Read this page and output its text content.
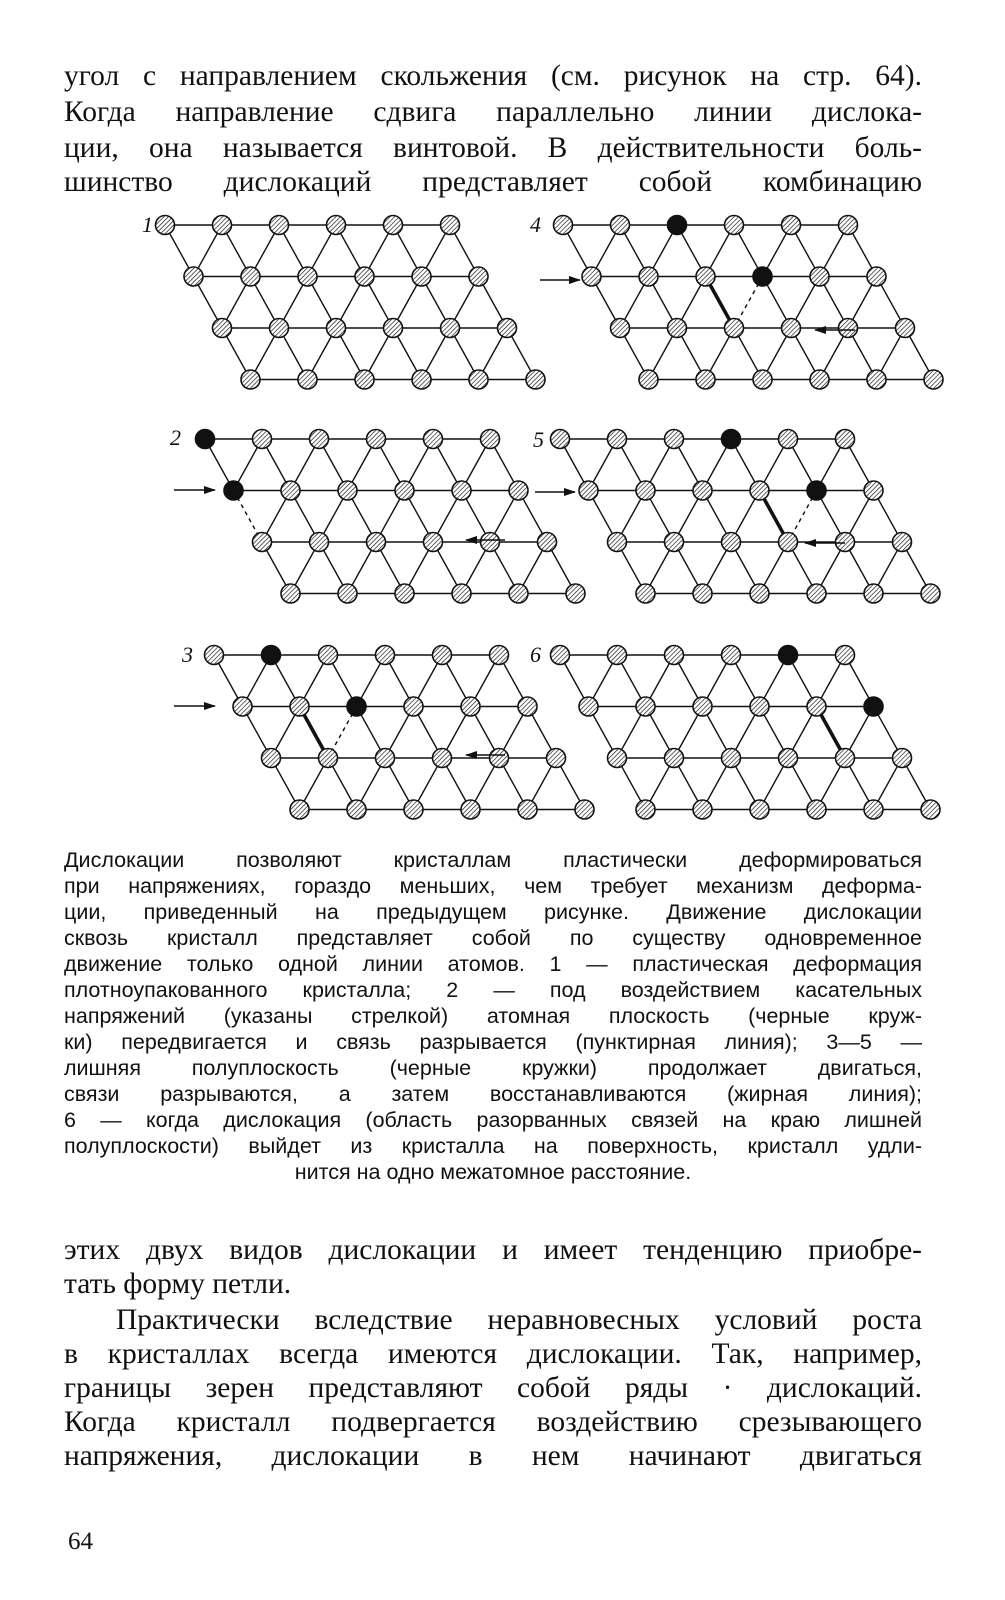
угол с направлением скольжения (см. рисунок на стр. 64).
Когда направление сдвига параллельно линии дислока-
ции, она называется винтовой. В действительности боль-
шинство дислокаций представляет собой комбинацию
1	4
2	5
3	6
Дислокации позволяют кристаллам пластически деформироваться
при напряжениях, гораздо меньших, чем требует механизм деформа-
ции, приведенный на предыдущем рисунке. Движение дислокации
сквозь кристалл представляет собой по существу одновременное
движение только одной линии атомов. 1 — пластическая деформация
плотноупакованного кристалла; 2 — под воздействием касательных
напряжений (указаны стрелкой) атомная плоскость (черные круж-
ки) передвигается и связь разрывается (пунктирная линия); 3—5 —
лишняя полуплоскость (черные кружки) продолжает двигаться,
связи разрываются, а затем восстанавливаются (жирная линия);
6 — когда дислокация (область разорванных связей на краю лишней
полуплоскости) выйдет из кристалла на поверхность, кристалл удли-
нится на одно межатомное расстояние.
этих двух видов дислокации и имеет тенденцию приобре-
тать форму петли.
Практически вследствие неравновесных условий роста
в кристаллах всегда имеются дислокации. Так, например,
границы зерен представляют собой ряды · дислокаций.
Когда кристалл подвергается воздействию срезывающего
напряжения, дислокации в нем начинают двигаться
64
